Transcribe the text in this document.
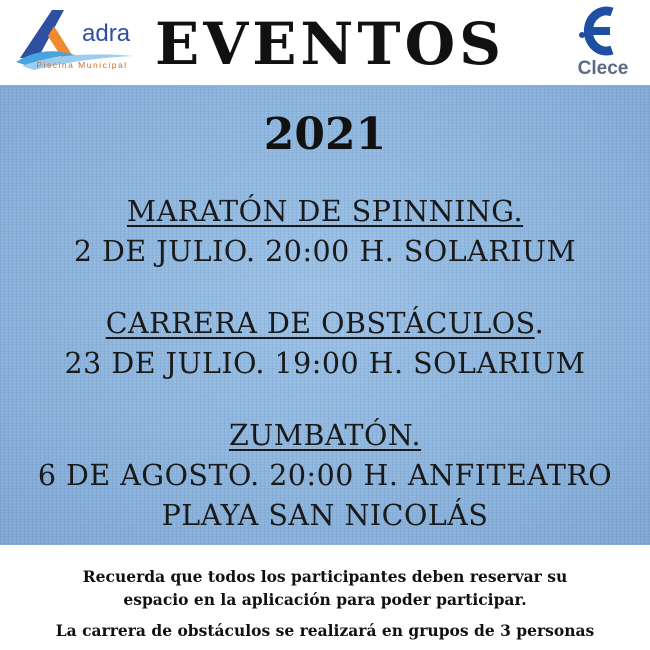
adra
Piscina Municipal EVENTOS	Clece
2021
MARATÓN DE SPINNING.
2 DE JULIO. 20:00 H. SOLARIUM
CARRERA DE OBSTÁCULOS.
23 DE JULIO. 19:00 H. SOLARIUM
ZUMBATÓN.
6 DE AGOSTO. 20:00 H. ANFITEATRO
PLAYA SAN NICOLÁS
Recuerda que todos los participantes deben reservar su
espacio en la aplicación para poder participar.
La carrera de obstáculos se realizará en grupos de 3 personas
